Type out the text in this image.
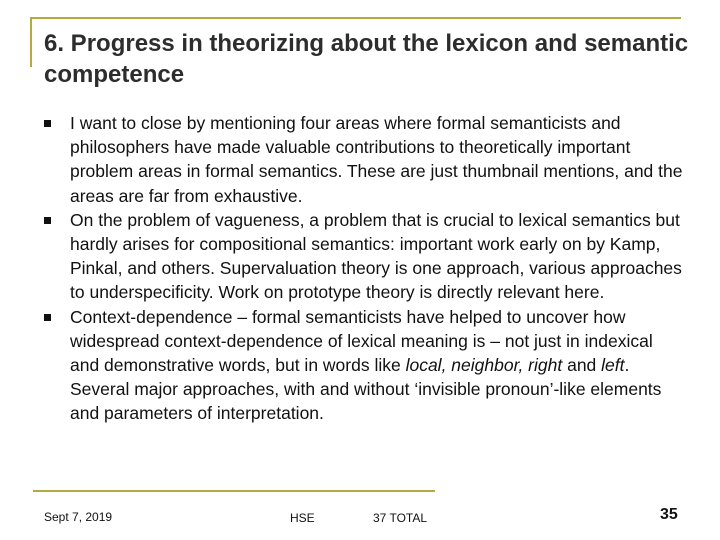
6. Progress in theorizing about the lexicon and semantic competence
I want to close by mentioning four areas where formal semanticists and philosophers have made valuable contributions to theoretically important problem areas in formal semantics. These are just thumbnail mentions, and the areas are far from exhaustive.
On the problem of vagueness, a problem that is crucial to lexical semantics but hardly arises for compositional semantics: important work early on by Kamp, Pinkal, and others. Supervaluation theory is one approach, various approaches to underspecificity. Work on prototype theory is directly relevant here.
Context-dependence – formal semanticists have helped to uncover how widespread context-dependence of lexical meaning is – not just in indexical and demonstrative words, but in words like local, neighbor, right and left. Several major approaches, with and without ‘invisible pronoun’-like elements and parameters of interpretation.
Sept 7, 2019	HSE	37 TOTAL	35
